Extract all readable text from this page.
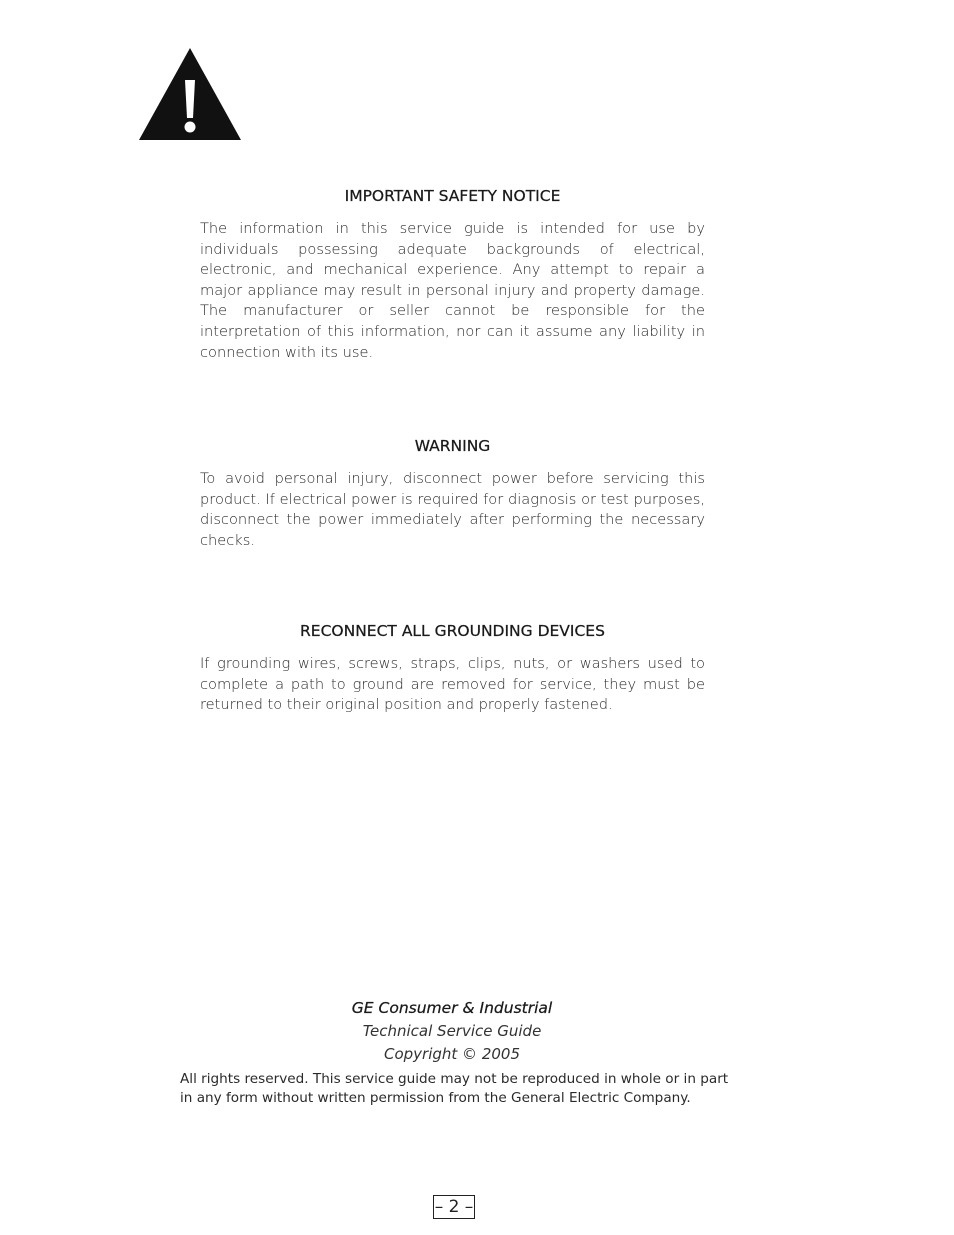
IMPORTANT SAFETY NOTICE

The information in this service guide is intended for use by individuals possessing adequate backgrounds of electrical, electronic, and mechanical experience. Any attempt to repair a major appliance may result in personal injury and property damage. The manufacturer or seller cannot be responsible for the interpretation of this information, nor can it assume any liability in connection with its use.

WARNING

To avoid personal injury, disconnect power before servicing this product. If electrical power is required for diagnosis or test purposes, disconnect the power immediately after performing the necessary checks.

RECONNECT ALL GROUNDING DEVICES

If grounding wires, screws, straps, clips, nuts, or washers used to complete a path to ground are removed for service, they must be returned to their original position and properly fastened.

GE Consumer & Industrial
Technical Service Guide
Copyright © 2005
All rights reserved. This service guide may not be reproduced in whole or in part in any form without written permission from the General Electric Company.
– 2 –
